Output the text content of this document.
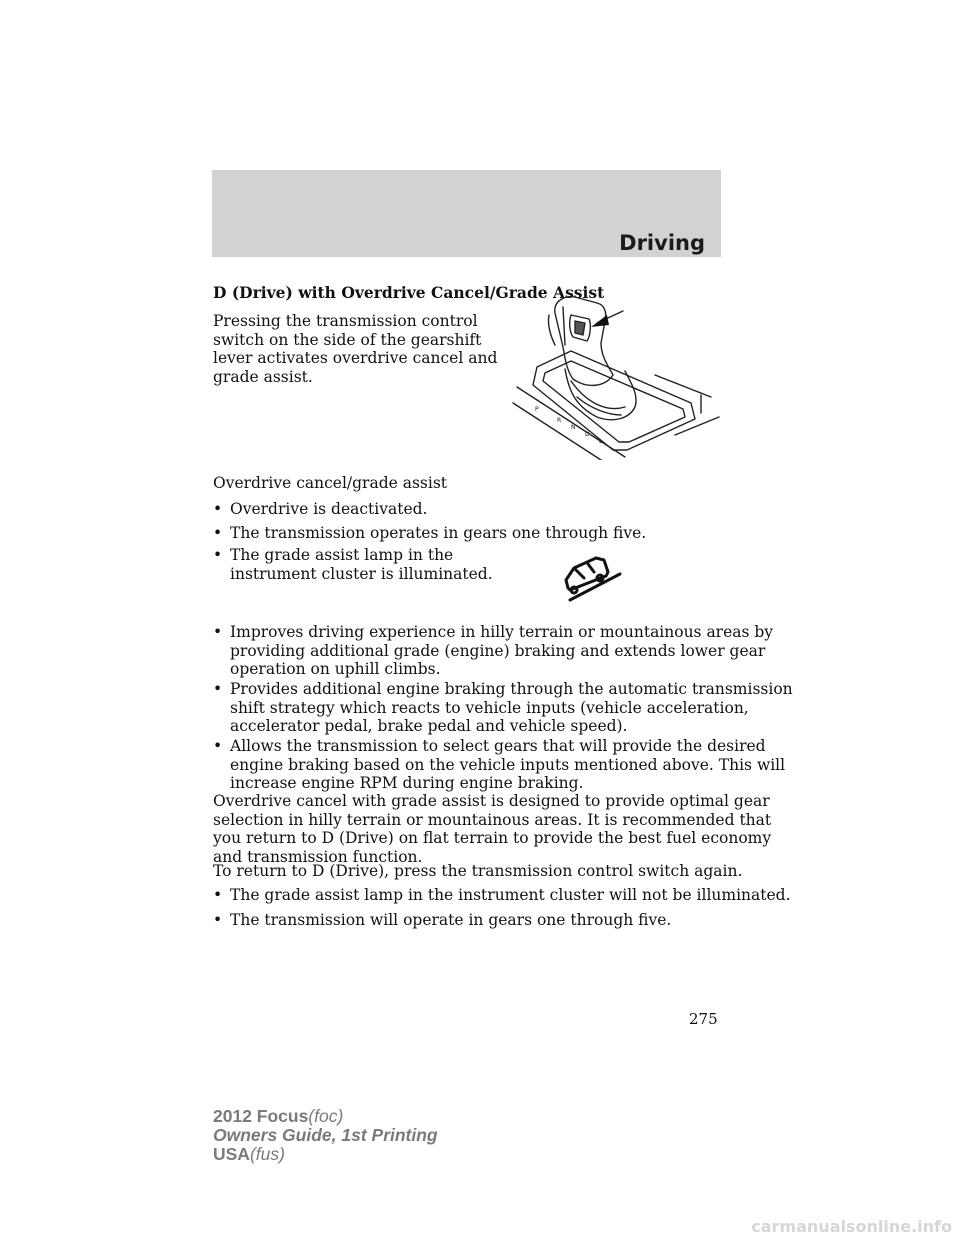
Driving
D (Drive) with Overdrive Cancel/Grade Assist
Pressing the transmission control
switch on the side of the gearshift
lever activates overdrive cancel and
grade assist.
P
R
N
D
L
Overdrive cancel/grade assist
• Overdrive is deactivated.
• The transmission operates in gears one through five.
• The grade assist lamp in the
instrument cluster is illuminated.
• Improves driving experience in hilly terrain or mountainous areas by
providing additional grade (engine) braking and extends lower gear
operation on uphill climbs.
• Provides additional engine braking through the automatic transmission
shift strategy which reacts to vehicle inputs (vehicle acceleration,
accelerator pedal, brake pedal and vehicle speed).
• Allows the transmission to select gears that will provide the desired
engine braking based on the vehicle inputs mentioned above. This will
increase engine RPM during engine braking.
Overdrive cancel with grade assist is designed to provide optimal gear
selection in hilly terrain or mountainous areas. It is recommended that
you return to D (Drive) on flat terrain to provide the best fuel economy
and transmission function.
To return to D (Drive), press the transmission control switch again.
• The grade assist lamp in the instrument cluster will not be illuminated.
• The transmission will operate in gears one through five.
275
2012 Focus(foc)
Owners Guide, 1st Printing
USA(fus)
carmanualsonline.info
